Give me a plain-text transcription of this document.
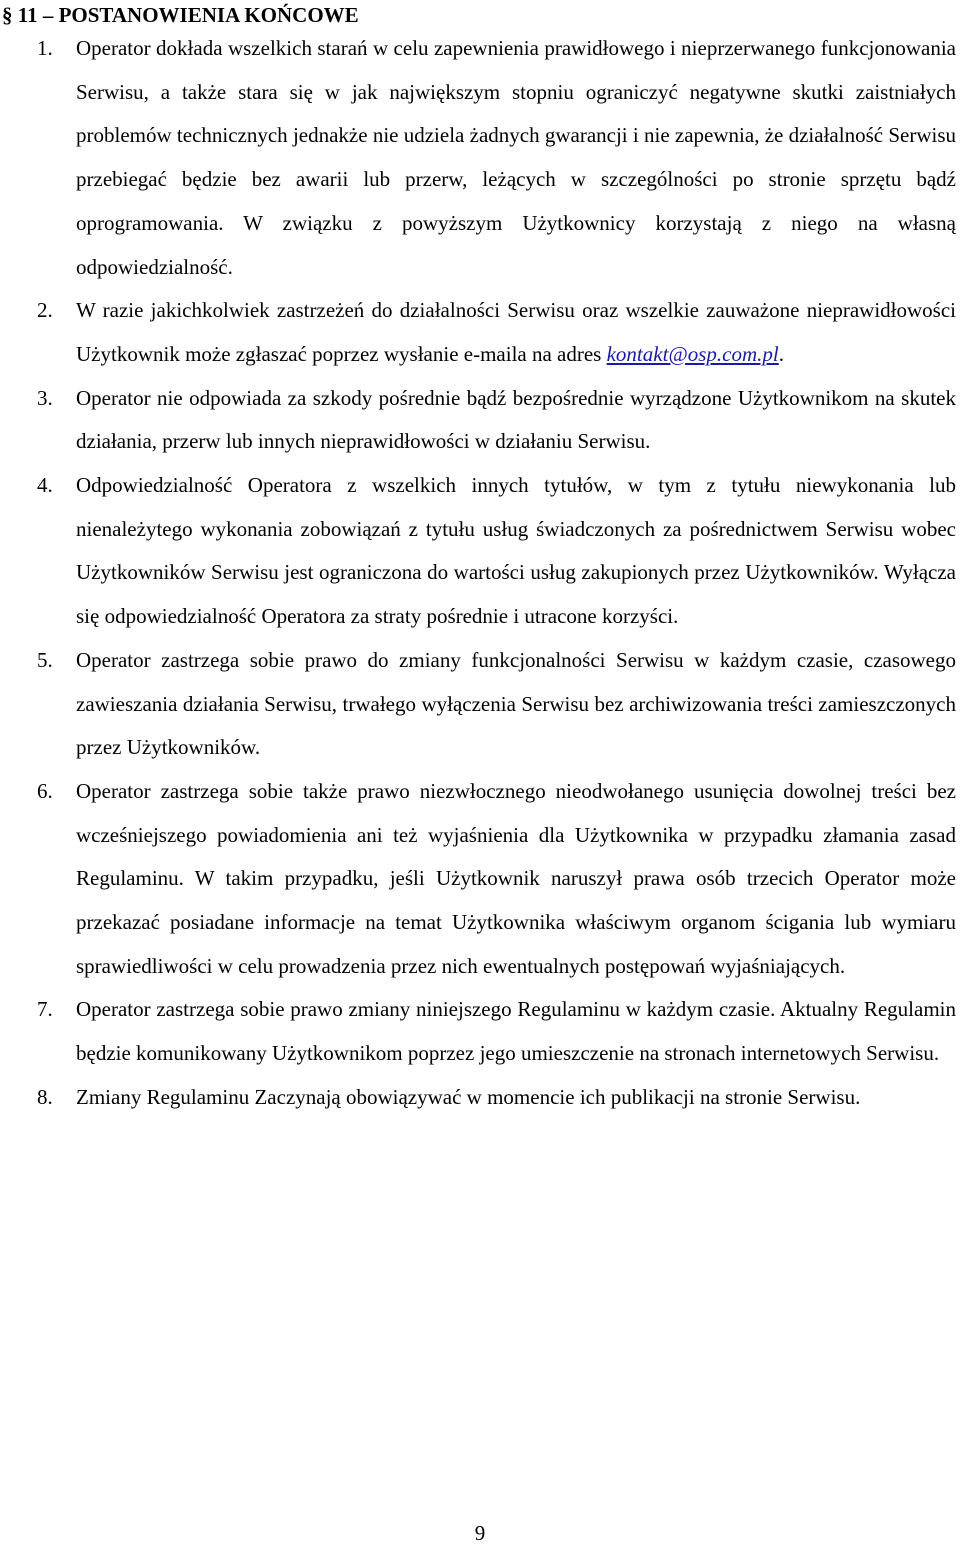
§ 11 – POSTANOWIENIA KOŃCOWE
1. Operator dokłada wszelkich starań w celu zapewnienia prawidłowego i nieprzerwanego funkcjonowania Serwisu, a także stara się w jak największym stopniu ograniczyć negatywne skutki zaistniałych problemów technicznych jednakże nie udziela żadnych gwarancji i nie zapewnia, że działalność Serwisu przebiegać będzie bez awarii lub przerw, leżących w szczególności po stronie sprzętu bądź oprogramowania. W związku z powyższym Użytkownicy korzystają z niego na własną odpowiedzialność.
2. W razie jakichkolwiek zastrzeżeń do działalności Serwisu oraz wszelkie zauważone nieprawidłowości Użytkownik może zgłaszać poprzez wysłanie e-maila na adres kontakt@osp.com.pl.
3. Operator nie odpowiada za szkody pośrednie bądź bezpośrednie wyrządzone Użytkownikom na skutek działania, przerw lub innych nieprawidłowości w działaniu Serwisu.
4. Odpowiedzialność Operatora z wszelkich innych tytułów, w tym z tytułu niewykonania lub nienależytego wykonania zobowiązań z tytułu usług świadczonych za pośrednictwem Serwisu wobec Użytkowników Serwisu jest ograniczona do wartości usług zakupionych przez Użytkowników. Wyłącza się odpowiedzialność Operatora za straty pośrednie i utracone korzyści.
5. Operator zastrzega sobie prawo do zmiany funkcjonalności Serwisu w każdym czasie, czasowego zawieszania działania Serwisu, trwałego wyłączenia Serwisu bez archiwizowania treści zamieszczonych przez Użytkowników.
6. Operator zastrzega sobie także prawo niezwłocznego nieodwołanego usunięcia dowolnej treści bez wcześniejszego powiadomienia ani też wyjaśnienia dla Użytkownika w przypadku złamania zasad Regulaminu. W takim przypadku, jeśli Użytkownik naruszył prawa osób trzecich Operator może przekazać posiadane informacje na temat Użytkownika właściwym organom ścigania lub wymiaru sprawiedliwości w celu prowadzenia przez nich ewentualnych postępowań wyjaśniających.
7. Operator zastrzega sobie prawo zmiany niniejszego Regulaminu w każdym czasie. Aktualny Regulamin będzie komunikowany Użytkownikom poprzez jego umieszczenie na stronach internetowych Serwisu.
8. Zmiany Regulaminu Zaczynają obowiązywać w momencie ich publikacji na stronie Serwisu.
9
